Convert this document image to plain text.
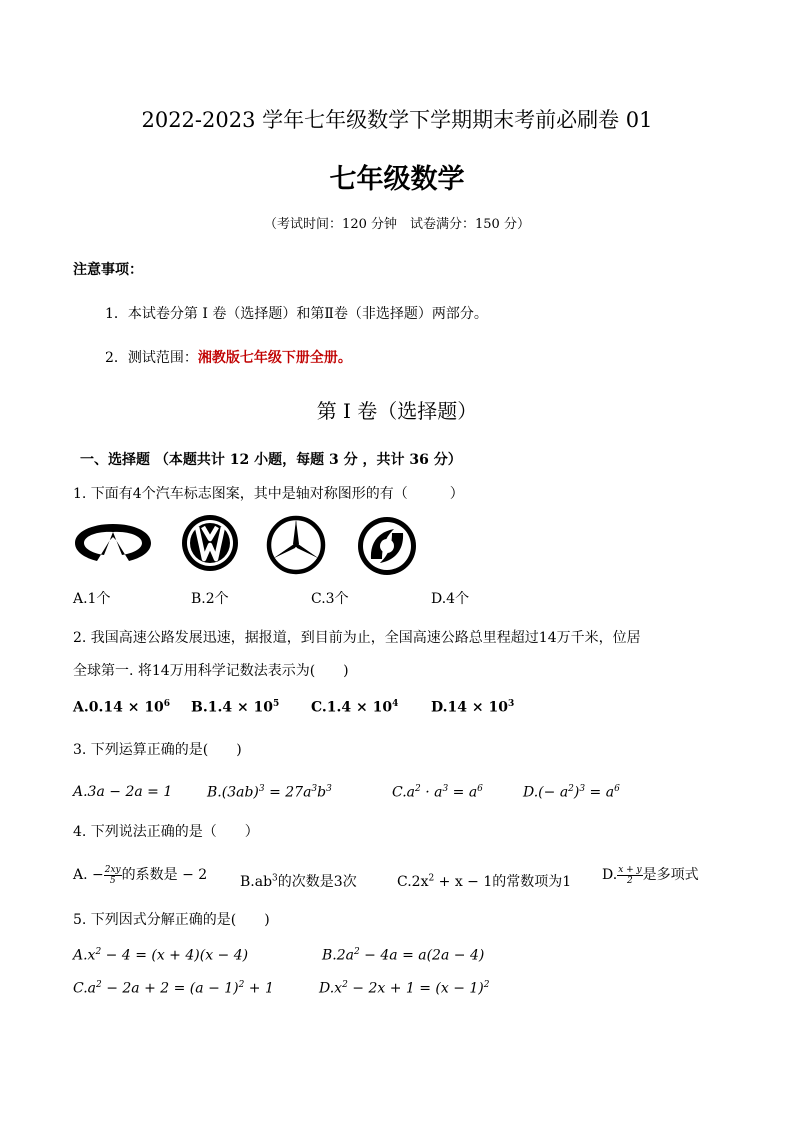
2022-2023 学年七年级数学下学期期末考前必刷卷 01
七年级数学
（考试时间：120 分钟　试卷满分：150 分）
注意事项：
1．本试卷分第 I 卷（选择题）和第Ⅱ卷（非选择题）两部分。
2．测试范围：湘教版七年级下册全册。
第 I 卷（选择题）
一、选择题 （本题共计 12 小题，每题 3 分 ，共计 36 分）
1. 下面有4个汽车标志图案，其中是轴对称图形的有（　　　）
A.1个	B.2个	C.3个	D.4个
2. 我国高速公路发展迅速，据报道，到目前为止，全国高速公路总里程超过14万千米，位居
全球第一. 将14万用科学记数法表示为(　　)
$A.0.14 \times 10^6$ $B.1.4 \times 10^5$ $C.1.4 \times 10^4$ $D.14 \times 10^3$
3. 下列运算正确的是(　　)
A.3a − 2a = 1 $B.(3ab)^3 = 27a^3b^3$	$C.a^2 \cdot a^3 = a^6$	$D.(- a^2)^3 = a^6$
4. 下列说法正确的是（　　）
A. − $\frac{2xy}{5}$ 的系数是 − 2 $B.ab^3$的次数是3次	$C.2x^2 + x - 1$的常数项为1 D. $\frac{x + y}{2}$ 是多项式
5. 下列因式分解正确的是(　　)
$A.x^2 - 4 = (x + 4)(x - 4)$	$B.2a^2 - 4a = a(2a - 4)$
$C.a^2 - 2a + 2 = (a - 1)^2 + 1$	$D.x^2 - 2x + 1 = (x - 1)^2$
